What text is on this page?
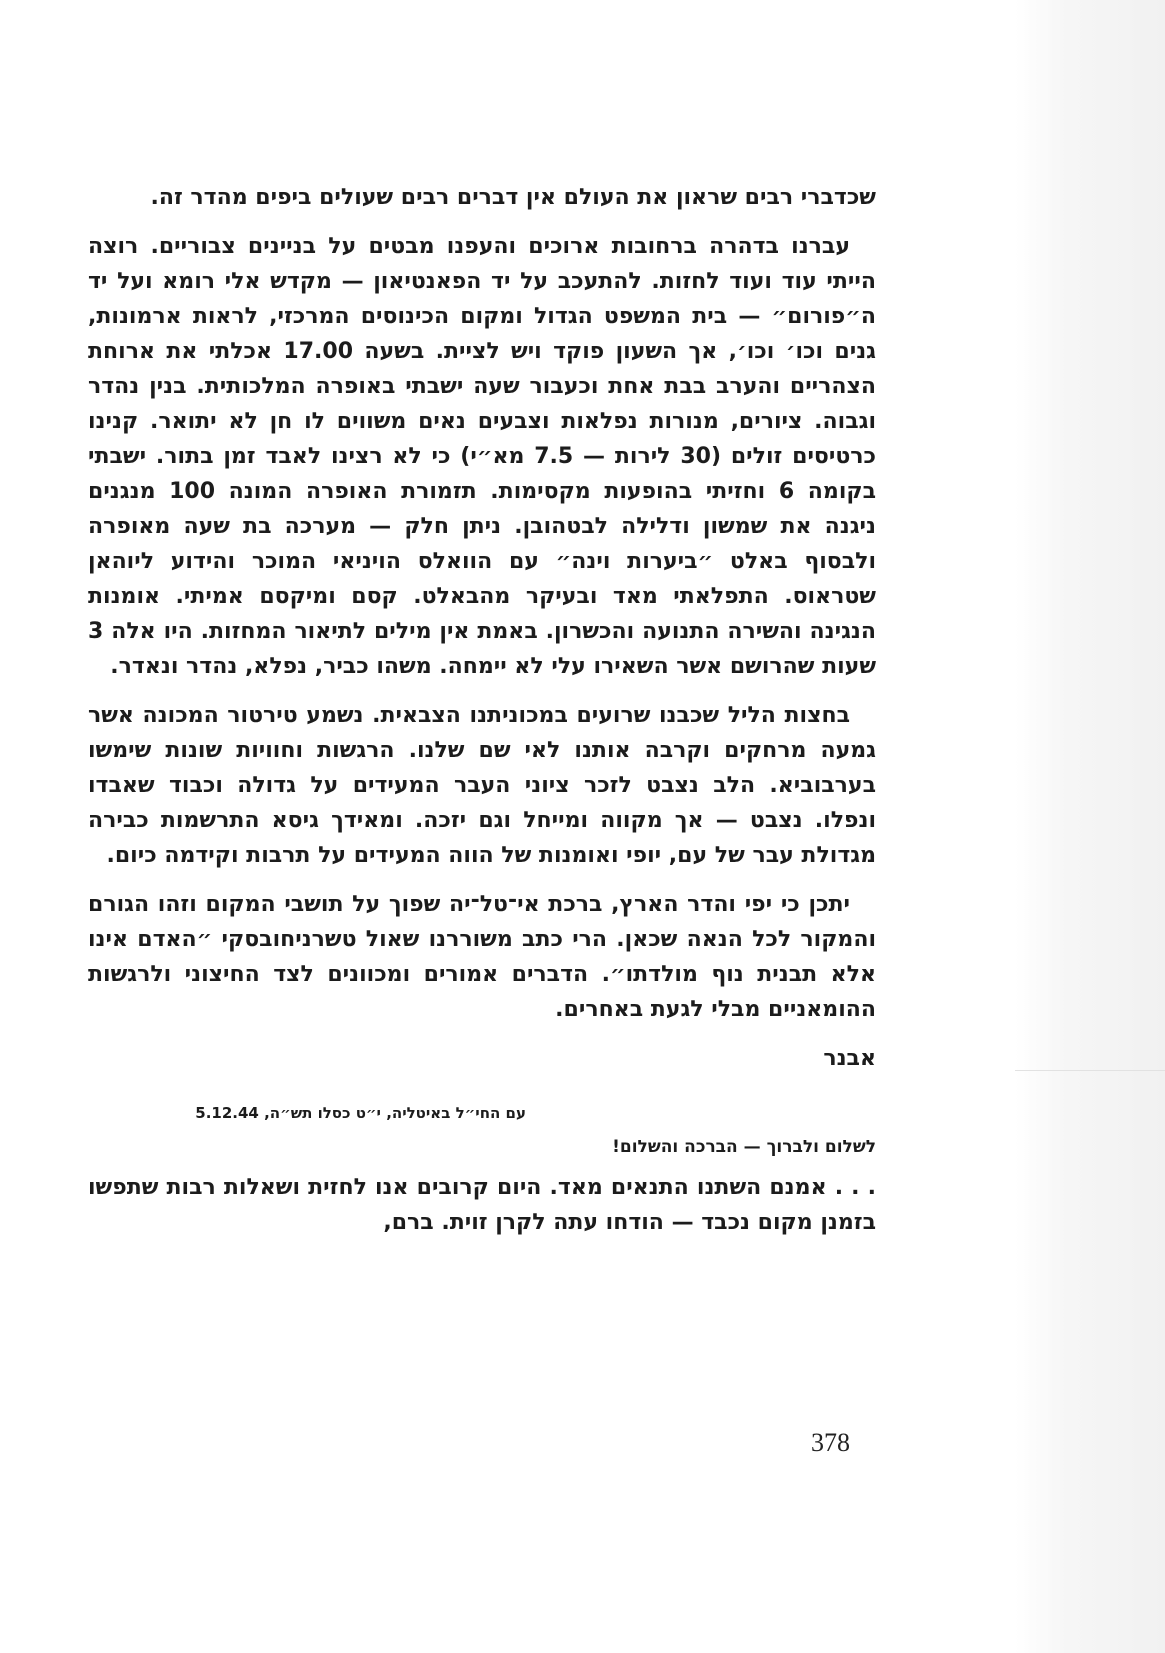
שכדברי רבים שראון את העולם אין דברים רבים שעולים ביפים מהדר זה.

עברנו בדהרה ברחובות ארוכים והעפנו מבטים על בניינים צבוריים. רוצה הייתי עוד ועוד לחזות. להתעכב על יד הפאנטיאון — מקדש אלי רומא ועל יד ה״פורום״ — בית המשפט הגדול ומקום הכינוסים המרכזי, לראות ארמונות, גנים וכו׳ וכו׳, אך השעון פוקד ויש לציית. בשעה 17.00 אכלתי את ארוחת הצהריים והערב בבת אחת וכעבור שעה ישבתי באופרה המלכותית. בנין נהדר וגבוה. ציורים, מנורות נפלאות וצבעים נאים משווים לו חן לא יתואר. קנינו כרטיסים זולים (30 לירות — 7.5 מא״י) כי לא רצינו לאבד זמן בתור. ישבתי בקומה 6 וחזיתי בהופעות מקסימות. תזמורת האופרה המונה 100 מנגנים ניגנה את שמשון ודלילה לבטהובן. ניתן חלק — מערכה בת שעה מאופרה ולבסוף באלט ״ביערות וינה״ עם הוואלס הויניאי המוכר והידוע ליוהאן שטראוס. התפלאתי מאד ובעיקר מהבאלט. קסם ומיקסם אמיתי. אומנות הנגינה והשירה התנועה והכשרון. באמת אין מילים לתיאור המחזות. היו אלה 3 שעות שהרושם אשר השאירו עלי לא יימחה. משהו כביר, נפלא, נהדר ונאדר.

בחצות הליל שכבנו שרועים במכוניתנו הצבאית. נשמע טירטור המכונה אשר גמעה מרחקים וקרבה אותנו לאי שם שלנו. הרגשות וחוויות שונות שימשו בערבוביא. הלב נצבט לזכר ציוני העבר המעידים על גדולה וכבוד שאבדו ונפלו. נצבט — אך מקווה ומייחל וגם יזכה. ומאידך גיסא התרשמות כבירה מגדולת עבר של עם, יופי ואומנות של הווה המעידים על תרבות וקידמה כיום.

יתכן כי יפי והדר הארץ, ברכת אי־טל־יה שפוך על תושבי המקום וזהו הגורם והמקור לכל הנאה שכאן. הרי כתב משוררנו שאול טשרניחובסקי ״האדם אינו אלא תבנית נוף מולדתו״. הדברים אמורים ומכוונים לצד החיצוני ולרגשות ההומאניים מבלי לגעת באחרים.

אבנר
עם החי״ל באיטליה, י״ט כסלו תש״ה, 5.12.44
לשלום ולברוך — הברכה והשלום!

. . . אמנם השתנו התנאים מאד. היום קרובים אנו לחזית ושאלות רבות שתפשו בזמנן מקום נכבד — הודחו עתה לקרן זוית. ברם,

378
